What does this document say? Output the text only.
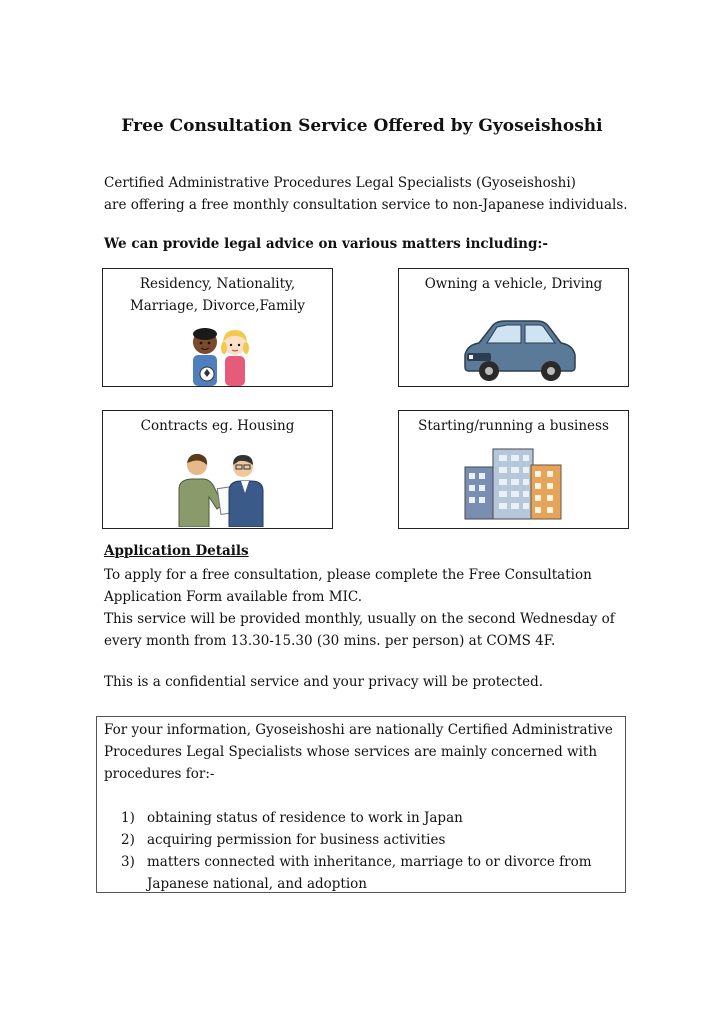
Free Consultation Service Offered by Gyoseishoshi
Certified Administrative Procedures Legal Specialists (Gyoseishoshi)
are offering a free monthly consultation service to non-Japanese individuals.
We can provide legal advice on various matters including:-
Residency, Nationality,
Marriage, Divorce,Family
Owning a vehicle, Driving
Contracts eg. Housing	Starting/running a business
Application Details

To apply for a free consultation, please complete the Free Consultation

Application Form available from MIC.

This service will be provided monthly, usually on the second Wednesday of

every month from 13.30-15.30 (30 mins. per person) at COMS 4F.

This is a confidential service and your privacy will be protected.
For your information, Gyoseishoshi are nationally Certified Administrative
Procedures Legal Specialists whose services are mainly concerned with
procedures for:-
1) obtaining status of residence to work in Japan
2) acquiring permission for business activities
3) matters connected with inheritance, marriage to or divorce from Japanese national, and adoption
